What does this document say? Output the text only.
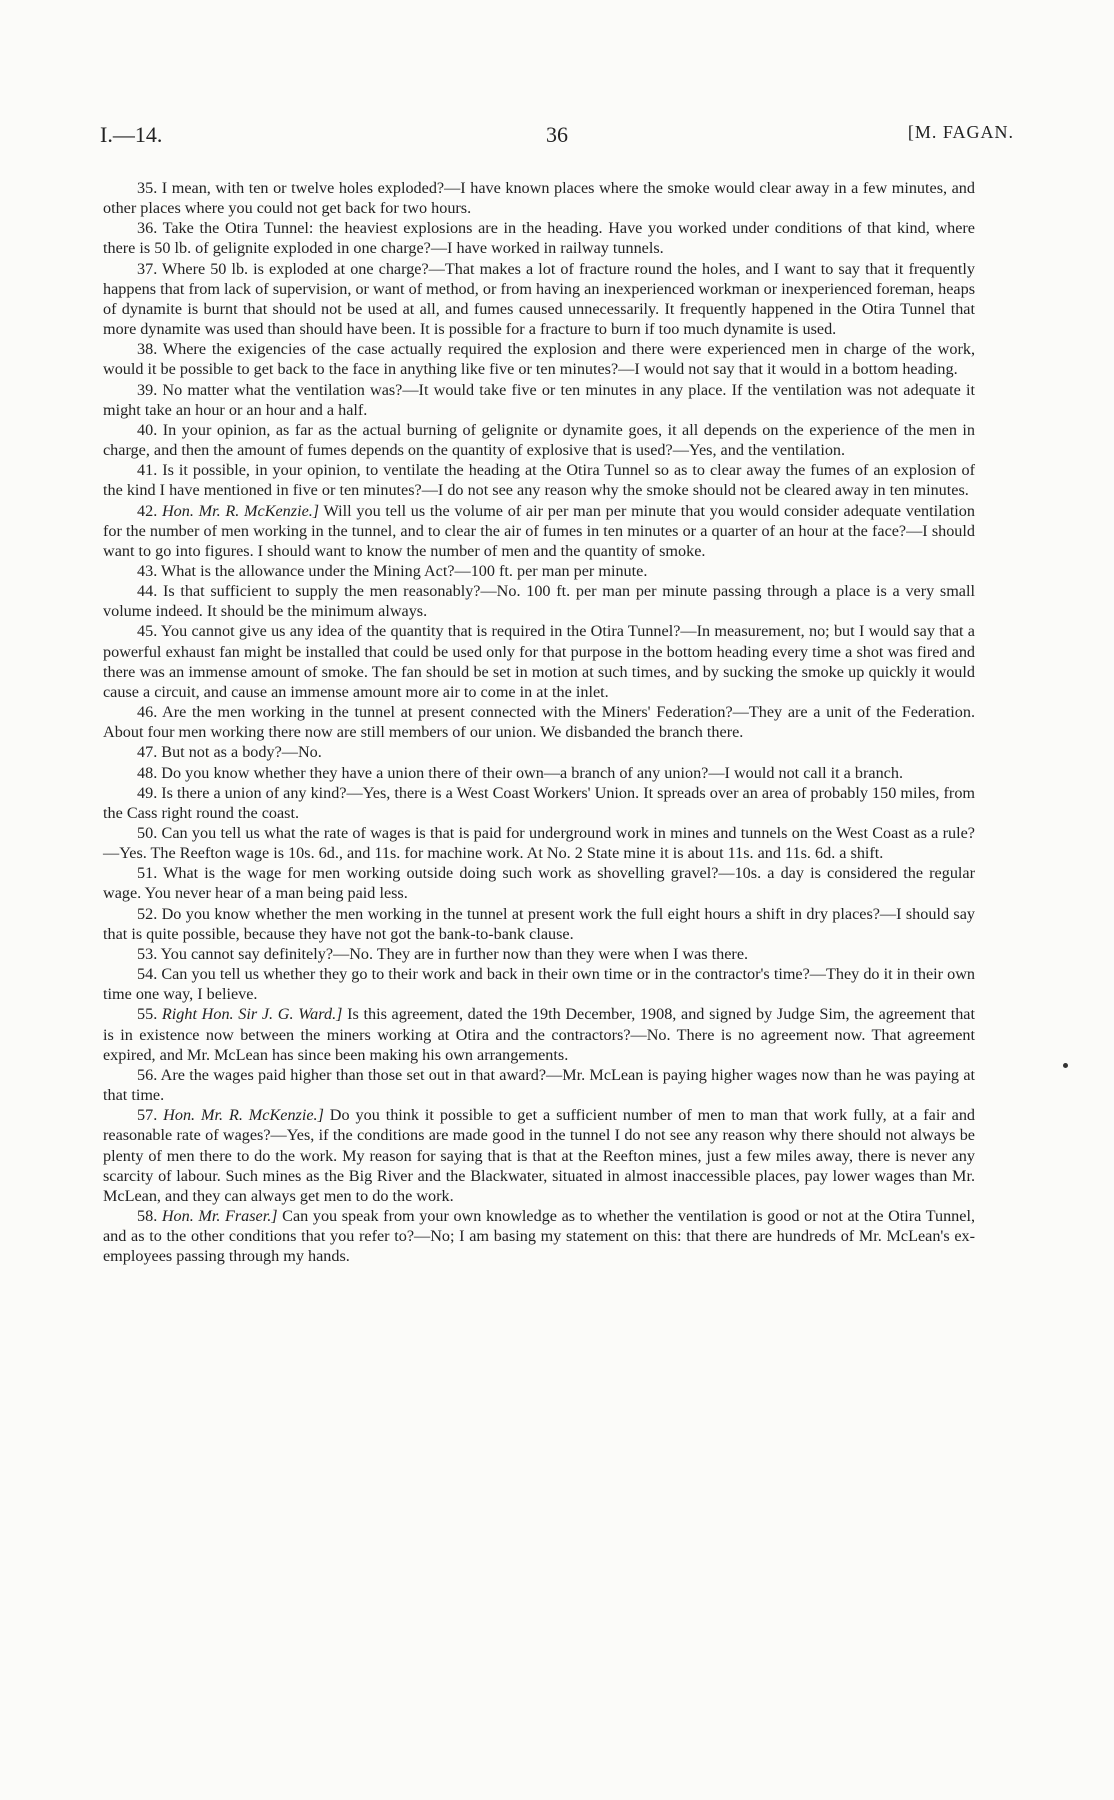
I.—14.	36	[M. FAGAN.

35. I mean, with ten or twelve holes exploded?—I have known places where the smoke would clear away in a few minutes, and other places where you could not get back for two hours.

36. Take the Otira Tunnel: the heaviest explosions are in the heading. Have you worked under conditions of that kind, where there is 50 lb. of gelignite exploded in one charge?—I have worked in railway tunnels.

37. Where 50 lb. is exploded at one charge?—That makes a lot of fracture round the holes, and I want to say that it frequently happens that from lack of supervision, or want of method, or from having an inexperienced workman or inexperienced foreman, heaps of dynamite is burnt that should not be used at all, and fumes caused unnecessarily. It frequently happened in the Otira Tunnel that more dynamite was used than should have been. It is possible for a fracture to burn if too much dynamite is used.

38. Where the exigencies of the case actually required the explosion and there were experienced men in charge of the work, would it be possible to get back to the face in anything like five or ten minutes?—I would not say that it would in a bottom heading.

39. No matter what the ventilation was?—It would take five or ten minutes in any place. If the ventilation was not adequate it might take an hour or an hour and a half.

40. In your opinion, as far as the actual burning of gelignite or dynamite goes, it all depends on the experience of the men in charge, and then the amount of fumes depends on the quantity of explosive that is used?—Yes, and the ventilation.

41. Is it possible, in your opinion, to ventilate the heading at the Otira Tunnel so as to clear away the fumes of an explosion of the kind I have mentioned in five or ten minutes?—I do not see any reason why the smoke should not be cleared away in ten minutes.

42. Hon. Mr. R. McKenzie.] Will you tell us the volume of air per man per minute that you would consider adequate ventilation for the number of men working in the tunnel, and to clear the air of fumes in ten minutes or a quarter of an hour at the face?—I should want to go into figures. I should want to know the number of men and the quantity of smoke.

43. What is the allowance under the Mining Act?—100 ft. per man per minute.

44. Is that sufficient to supply the men reasonably?—No. 100 ft. per man per minute passing through a place is a very small volume indeed. It should be the minimum always.

45. You cannot give us any idea of the quantity that is required in the Otira Tunnel?—In measurement, no; but I would say that a powerful exhaust fan might be installed that could be used only for that purpose in the bottom heading every time a shot was fired and there was an immense amount of smoke. The fan should be set in motion at such times, and by sucking the smoke up quickly it would cause a circuit, and cause an immense amount more air to come in at the inlet.

46. Are the men working in the tunnel at present connected with the Miners' Federation?—They are a unit of the Federation. About four men working there now are still members of our union. We disbanded the branch there.

47. But not as a body?—No.

48. Do you know whether they have a union there of their own—a branch of any union?—I would not call it a branch.

49. Is there a union of any kind?—Yes, there is a West Coast Workers' Union. It spreads over an area of probably 150 miles, from the Cass right round the coast.

50. Can you tell us what the rate of wages is that is paid for underground work in mines and tunnels on the West Coast as a rule?—Yes. The Reefton wage is 10s. 6d., and 11s. for machine work. At No. 2 State mine it is about 11s. and 11s. 6d. a shift.

51. What is the wage for men working outside doing such work as shovelling gravel?—10s. a day is considered the regular wage. You never hear of a man being paid less.

52. Do you know whether the men working in the tunnel at present work the full eight hours a shift in dry places?—I should say that is quite possible, because they have not got the bank-to-bank clause.

53. You cannot say definitely?—No. They are in further now than they were when I was there.

54. Can you tell us whether they go to their work and back in their own time or in the contractor's time?—They do it in their own time one way, I believe.

55. Right Hon. Sir J. G. Ward.] Is this agreement, dated the 19th December, 1908, and signed by Judge Sim, the agreement that is in existence now between the miners working at Otira and the contractors?—No. There is no agreement now. That agreement expired, and Mr. McLean has since been making his own arrangements.

56. Are the wages paid higher than those set out in that award?—Mr. McLean is paying higher wages now than he was paying at that time.

57. Hon. Mr. R. McKenzie.] Do you think it possible to get a sufficient number of men to man that work fully, at a fair and reasonable rate of wages?—Yes, if the conditions are made good in the tunnel I do not see any reason why there should not always be plenty of men there to do the work. My reason for saying that is that at the Reefton mines, just a few miles away, there is never any scarcity of labour. Such mines as the Big River and the Blackwater, situated in almost inaccessible places, pay lower wages than Mr. McLean, and they can always get men to do the work.

58. Hon. Mr. Fraser.] Can you speak from your own knowledge as to whether the ventilation is good or not at the Otira Tunnel, and as to the other conditions that you refer to?—No; I am basing my statement on this: that there are hundreds of Mr. McLean's ex-employees passing through my hands.
